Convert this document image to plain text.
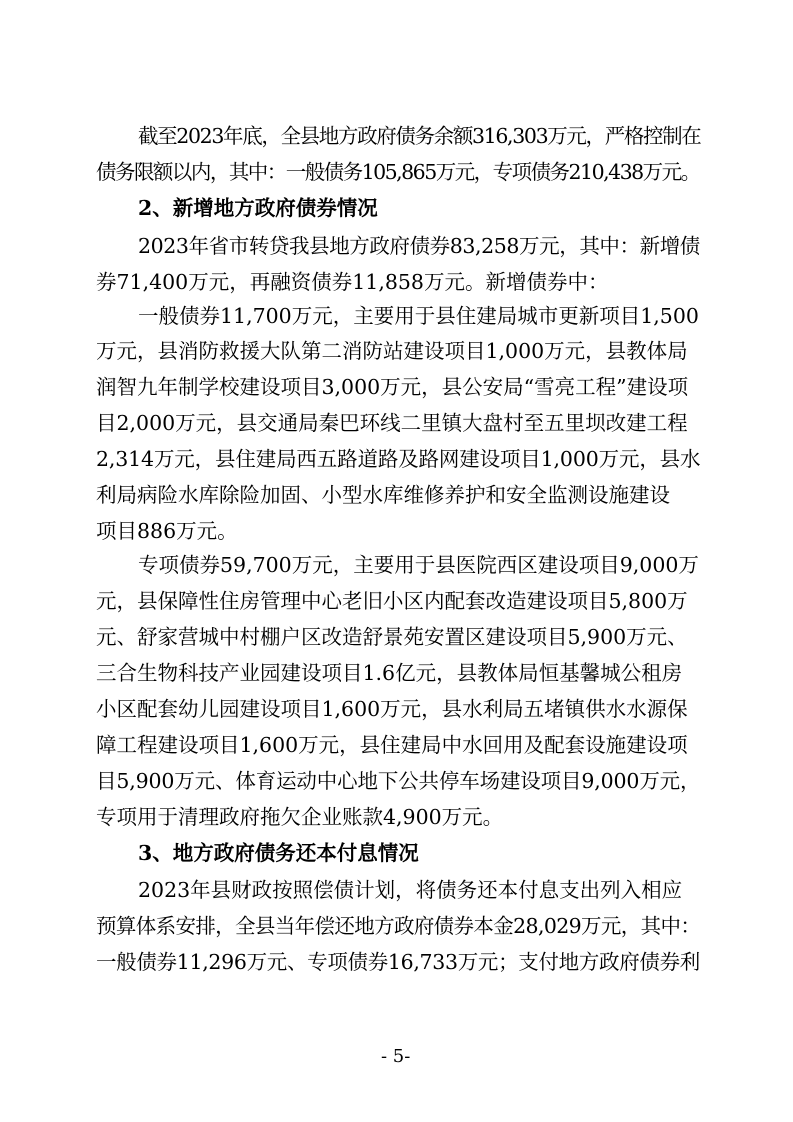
截至2023年底，全县地方政府债务余额316,303万元，严格控制在
债务限额以内，其中：一般债务105,865万元，专项债务210,438万元。
2、新增地方政府债券情况
2023年省市转贷我县地方政府债券83,258万元，其中：新增债
券71,400万元，再融资债券11,858万元。新增债券中：
一般债券11,700万元，主要用于县住建局城市更新项目1,500
万元，县消防救援大队第二消防站建设项目1,000万元，县教体局
润智九年制学校建设项目3,000万元，县公安局“雪亮工程”建设项
目2,000万元，县交通局秦巴环线二里镇大盘村至五里坝改建工程
2,314万元，县住建局西五路道路及路网建设项目1,000万元，县水
利局病险水库除险加固、小型水库维修养护和安全监测设施建设
项目886万元。
专项债券59,700万元，主要用于县医院西区建设项目9,000万
元，县保障性住房管理中心老旧小区内配套改造建设项目5,800万
元、舒家营城中村棚户区改造舒景苑安置区建设项目5,900万元、
三合生物科技产业园建设项目1.6亿元，县教体局恒基馨城公租房
小区配套幼儿园建设项目1,600万元，县水利局五堵镇供水水源保
障工程建设项目1,600万元，县住建局中水回用及配套设施建设项
目5,900万元、体育运动中心地下公共停车场建设项目9,000万元，
专项用于清理政府拖欠企业账款4,900万元。
3、地方政府债务还本付息情况
2023年县财政按照偿债计划，将债务还本付息支出列入相应
预算体系安排，全县当年偿还地方政府债券本金28,029万元，其中：
一般债券11,296万元、专项债券16,733万元；支付地方政府债券利
- 5-
